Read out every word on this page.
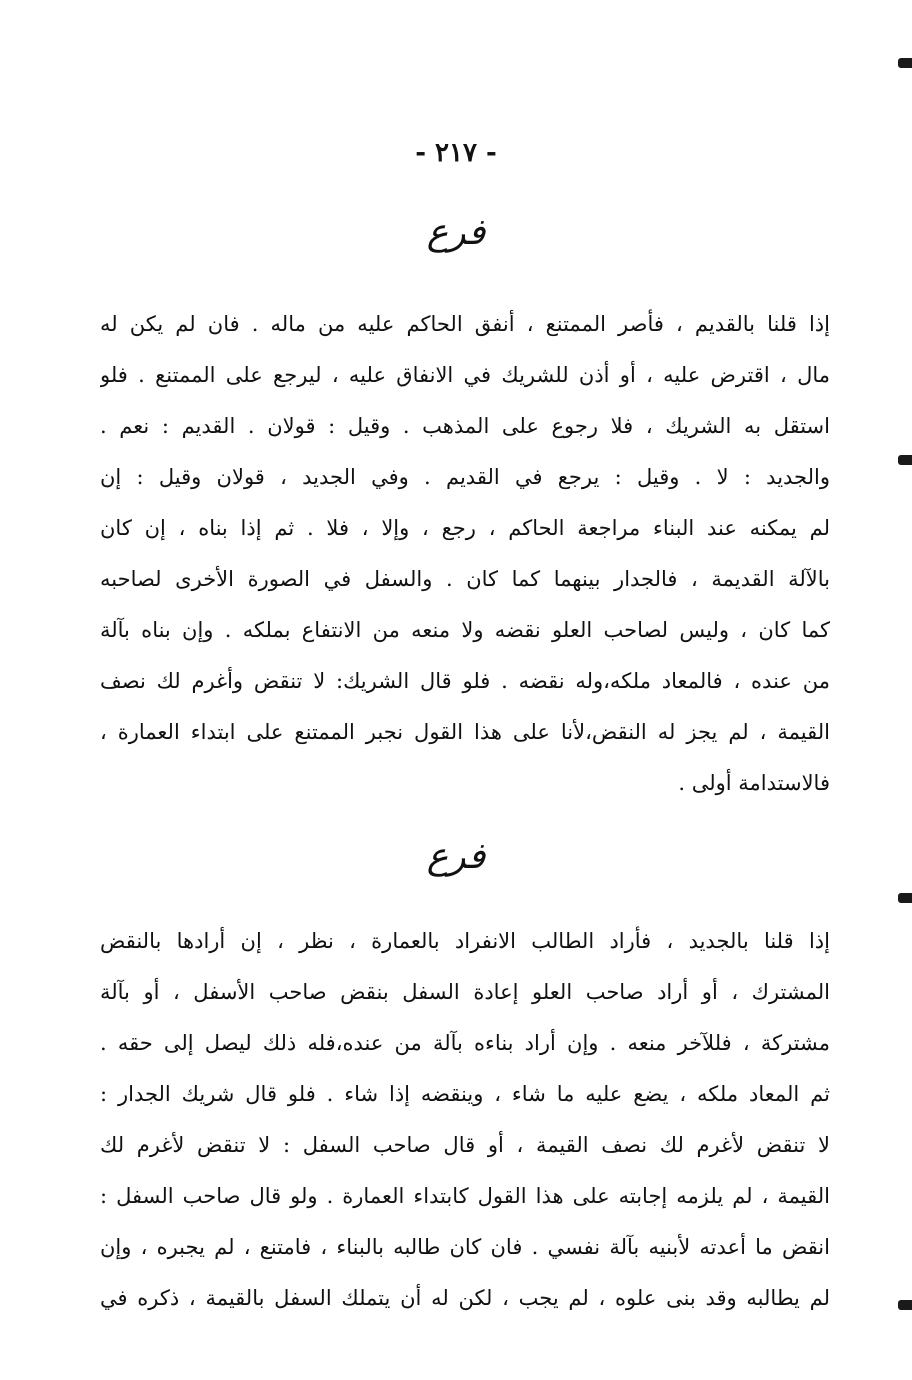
- ٢١٧ -
فرع
إذا قلنا بالقديم ، فأصر الممتنع ، أنفق الحاكم عليه من ماله . فان لم يكن له
مال ، اقترض عليه ، أو أذن للشريك في الانفاق عليه ، ليرجع على الممتنع . فلو
استقل به الشريك ، فلا رجوع على المذهب . وقيل : قولان . القديم : نعم .
والجديد : لا . وقيل : يرجع في القديم . وفي الجديد ، قولان وقيل : إن
لم يمكنه عند البناء مراجعة الحاكم ، رجع ، وإلا ، فلا . ثم إذا بناه ، إن كان
بالآلة القديمة ، فالجدار بينهما كما كان . والسفل في الصورة الأخرى لصاحبه
كما كان ، وليس لصاحب العلو نقضه ولا منعه من الانتفاع بملكه . وإن بناه بآلة
من عنده ، فالمعاد ملكه،وله نقضه . فلو قال الشريك: لا تنقض وأغرم لك نصف
القيمة ، لم يجز له النقض،لأنا على هذا القول نجبر الممتنع على ابتداء العمارة ،
فالاستدامة أولى .
فرع
إذا قلنا بالجديد ، فأراد الطالب الانفراد بالعمارة ، نظر ، إن أرادها بالنقض
المشترك ، أو أراد صاحب العلو إعادة السفل بنقض صاحب الأسفل ، أو بآلة
مشتركة ، فللآخر منعه . وإن أراد بناءه بآلة من عنده،فله ذلك ليصل إلى حقه .
ثم المعاد ملكه ، يضع عليه ما شاء ، وينقضه إذا شاء . فلو قال شريك الجدار :
لا تنقض لأغرم لك نصف القيمة ، أو قال صاحب السفل : لا تنقض لأغرم لك
القيمة ، لم يلزمه إجابته على هذا القول كابتداء العمارة . ولو قال صاحب السفل :
انقض ما أعدته لأبنيه بآلة نفسي . فان كان طالبه بالبناء ، فامتنع ، لم يجبره ، وإن
لم يطالبه وقد بنى علوه ، لم يجب ، لكن له أن يتملك السفل بالقيمة ، ذكره في
